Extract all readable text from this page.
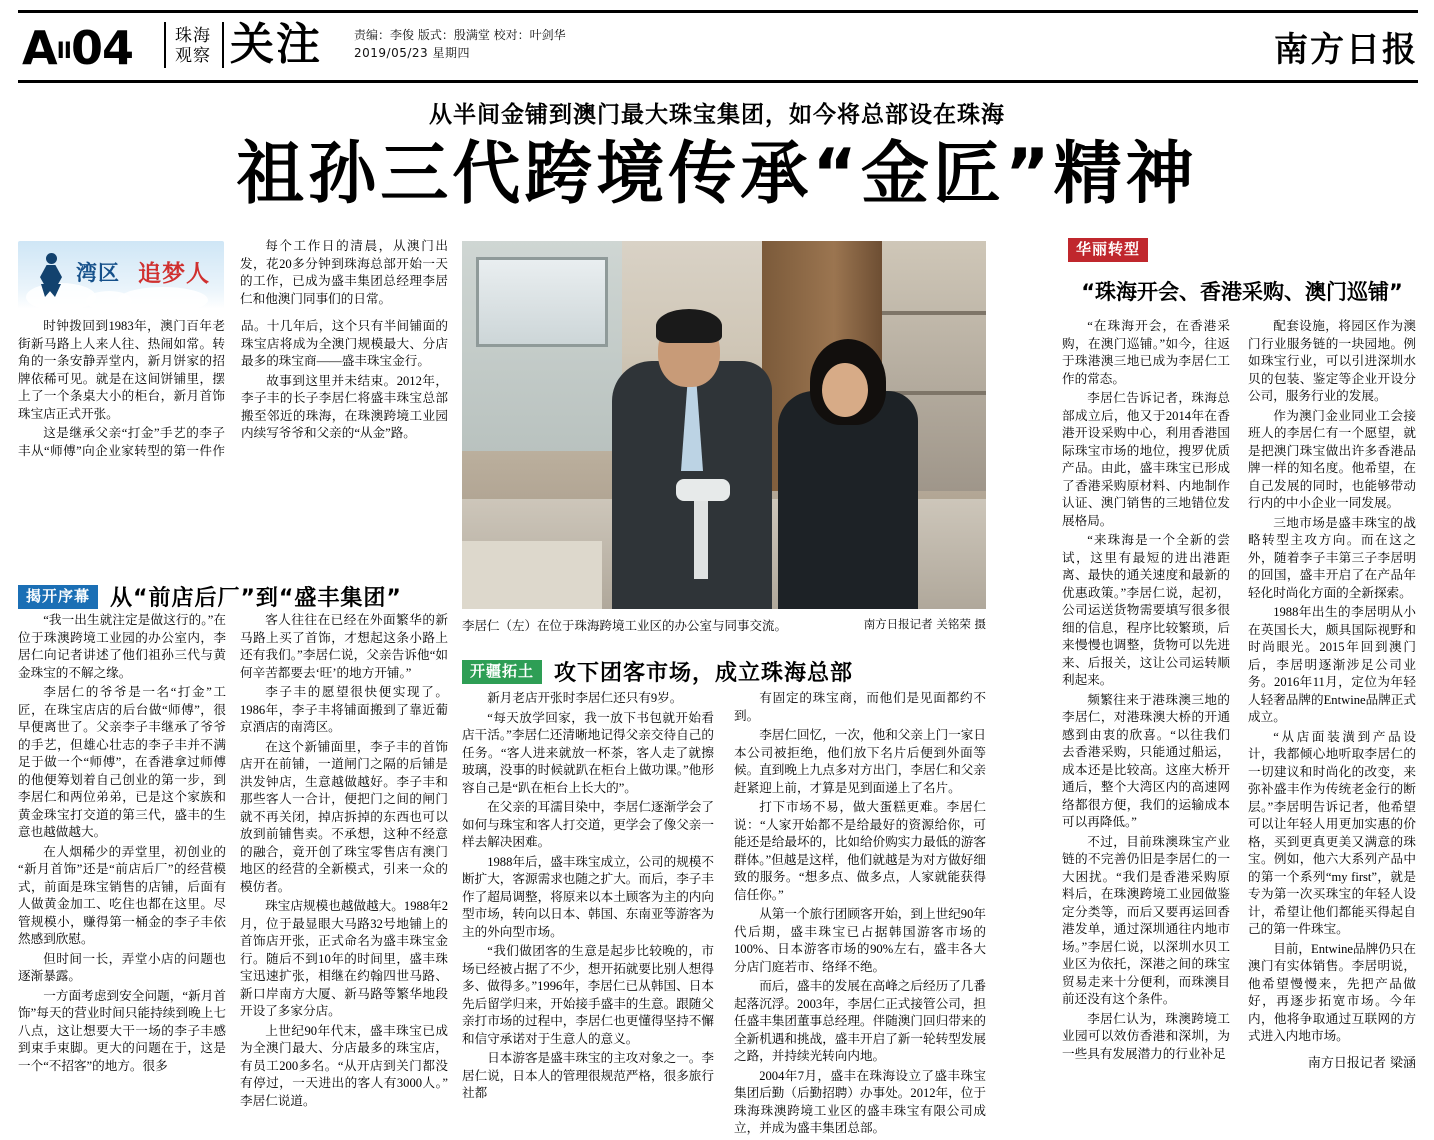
$A^{II}04$ 珠海
观察 关注	责编：李俊 版式：殷满堂 校对：叶剑华
2019/05/23 星期四	南方日报
从半间金铺到澳门最大珠宝集团，如今将总部设在珠海
祖孙三代跨境传承“金匠”精神
湾区 追梦人

每个工作日的清晨，从澳门出发，花20多分钟到珠海总部开始一天的工作，已成为盛丰集团总经理李居仁和他澳门同事们的日常。

时钟拨回到1983年，澳门百年老街新马路上人来人往、热闹如常。转角的一条安静弄堂内，新月饼家的招牌依稀可见。就是在这间饼铺里，摆上了一个条桌大小的柜台，新月首饰珠宝店正式开张。

这是继承父亲“打金”手艺的李子丰从“师傅”向企业家转型的第一件作品。十几年后，这个只有半间铺面的珠宝店将成为全澳门规模最大、分店最多的珠宝商——盛丰珠宝金行。

故事到这里并未结束。2012年，李子丰的长子李居仁将盛丰珠宝总部搬至邻近的珠海，在珠澳跨境工业园内续写爷爷和父亲的“从金”路。

揭开序幕 从“前店后厂”到“盛丰集团”

“我一出生就注定是做这行的。”在位于珠澳跨境工业园的办公室内，李居仁向记者讲述了他们祖孙三代与黄金珠宝的不解之缘。

李居仁的爷爷是一名“打金”工匠，在珠宝店店的后台做“师傅”，很早便离世了。父亲李子丰继承了爷爷的手艺，但雄心壮志的李子丰并不满足于做一个“师傅”，在香港拿过师傅的他便筹划着自己创业的第一步，到李居仁和两位弟弟，已是这个家族和黄金珠宝打交道的第三代，盛丰的生意也越做越大。

在人烟稀少的弄堂里，初创业的“新月首饰”还是“前店后厂”的经营模式，前面是珠宝销售的店铺，后面有人做黄金加工、吃住也都在这里。尽管规模小，赚得第一桶金的李子丰依然感到欣慰。

但时间一长，弄堂小店的问题也逐渐暴露。

一方面考虑到安全问题，“新月首饰”每天的营业时间只能持续到晚上七八点，这让想要大干一场的李子丰感到束手束脚。更大的问题在于，这是一个“不招客”的地方。很多

客人往往在已经在外面繁华的新马路上买了首饰，才想起这条小路上还有我们。”李居仁说，父亲告诉他“如何辛苦都要去‘旺’的地方开铺。”

李子丰的愿望很快便实现了。1986年，李子丰将铺面搬到了靠近葡京酒店的南湾区。

在这个新铺面里，李子丰的首饰店开在前铺，一道闸门之隔的后铺是洪发钟店，生意越做越好。李子丰和那些客人一合计，便把门之间的闸门就不再关闭，掉店拆掉的东西也可以放到前铺售卖。不承想，这种不经意的融合，竟开创了珠宝零售店有澳门地区的经营的全新模式，引来一众的模仿者。

珠宝店规模也越做越大。1988年2月，位于最显眼大马路32号地铺上的首饰店开张，正式命名为盛丰珠宝金行。随后不到10年的时间里，盛丰珠宝迅速扩张，相继在约翰四世马路、新口岸南方大厦、新马路等繁华地段开设了多家分店。

上世纪90年代末，盛丰珠宝已成为全澳门最大、分店最多的珠宝店，有员工200多名。“从开店到关门都没有停过，一天进出的客人有3000人。”李居仁说道。

南方日报记者 关铭荣 摄
李居仁（左）在位于珠海跨境工业区的办公室与同事交流。
开疆拓土 攻下团客市场，成立珠海总部

新月老店开张时李居仁还只有9岁。

“每天放学回家，我一放下书包就开始看店干活。”李居仁还清晰地记得父亲交待自己的任务。“客人进来就放一杯茶，客人走了就擦玻璃，没事的时候就趴在柜台上做功课。”他形容自己是“趴在柜台上长大的”。

在父亲的耳濡目染中，李居仁逐渐学会了如何与珠宝和客人打交道，更学会了像父亲一样去解决困难。

1988年后，盛丰珠宝成立，公司的规模不断扩大，客源需求也随之扩大。而后，李子丰作了超局调整，将原来以本土顾客为主的内向型市场，转向以日本、韩国、东南亚等游客为主的外向型市场。

“我们做团客的生意是起步比较晚的，市场已经被占据了不少，想开拓就要比别人想得多、做得多。”1996年，李居仁已从韩国、日本先后留学归来，开始接手盛丰的生意。跟随父亲打市场的过程中，李居仁也更懂得坚持不懈和信守承诺对于生意人的意义。

日本游客是盛丰珠宝的主攻对象之一。李居仁说，日本人的管理很规范严格，很多旅行社都

有固定的珠宝商，而他们是见面都约不到。

李居仁回忆，一次，他和父亲上门一家日本公司被拒绝，他们放下名片后便到外面等候。直到晚上九点多对方出门，李居仁和父亲赶紧迎上前，才算是见到面递上了名片。

打下市场不易，做大蛋糕更难。李居仁说：“人家开始都不是给最好的资源给你，可能还是给最坏的，比如给价购实力最低的游客群体。”但越是这样，他们就越是为对方做好细致的服务。“想多点、做多点，人家就能获得信任你。”

从第一个旅行团顾客开始，到上世纪90年代后期，盛丰珠宝已占据韩国游客市场的100%、日本游客市场的90%左右，盛丰各大分店门庭若市、络绎不绝。

而后，盛丰的发展在高峰之后经历了几番起落沉浮。2003年，李居仁正式接管公司，担任盛丰集团董事总经理。伴随澳门回归带来的全新机遇和挑战，盛丰开启了新一轮转型发展之路，并持续光转向内地。

2004年7月，盛丰在珠海设立了盛丰珠宝集团后勤（后勤招聘）办事处。2012年，位于珠海珠澳跨境工业区的盛丰珠宝有限公司成立，并成为盛丰集团总部。

华丽转型
“珠海开会、香港采购、澳门巡铺”

“在珠海开会，在香港采购，在澳门巡铺。”如今，往返于珠港澳三地已成为李居仁工作的常态。

李居仁告诉记者，珠海总部成立后，他又于2014年在香港开设采购中心，利用香港国际珠宝市场的地位，搜罗优质产品。由此，盛丰珠宝已形成了香港采购原材料、内地制作认证、澳门销售的三地错位发展格局。

“来珠海是一个全新的尝试，这里有最短的进出港距离、最快的通关速度和最新的优惠政策。”李居仁说，起初，公司运送货物需要填写很多很细的信息，程序比较繁琐，后来慢慢也调整，货物可以先进来、后报关，这让公司运转顺利起来。

频繁往来于港珠澳三地的李居仁，对港珠澳大桥的开通感到由衷的欣喜。“以往我们去香港采购，只能通过船运，成本还是比较高。这座大桥开通后，整个大湾区内的高速网络都很方便，我们的运输成本可以再降低。”

不过，目前珠澳珠宝产业链的不完善仍旧是李居仁的一大困扰。“我们是香港采购原料后，在珠澳跨境工业园做鉴定分类等，而后又要再运回香港发单，通过深圳通往内地市场。”李居仁说，以深圳水贝工业区为依托，深港之间的珠宝贸易走来十分便利，而珠澳目前还没有这个条件。

李居仁认为，珠澳跨境工业园可以效仿香港和深圳，为一些具有发展潜力的行业补足

配套设施，将园区作为澳门行业服务链的一块园地。例如珠宝行业，可以引进深圳水贝的包装、鉴定等企业开设分公司，服务行业的发展。

作为澳门金业同业工会接班人的李居仁有一个愿望，就是把澳门珠宝做出许多香港品牌一样的知名度。他希望，在自己发展的同时，也能够带动行内的中小企业一同发展。

三地市场是盛丰珠宝的战略转型主攻方向。而在这之外，随着李子丰第三子李居明的回国，盛丰开启了在产品年轻化时尚化方面的全新探索。

1988年出生的李居明从小在英国长大，颇具国际视野和时尚眼光。2015年回到澳门后，李居明逐渐涉足公司业务。2016年11月，定位为年轻人轻奢品牌的Entwine品牌正式成立。

“从店面装潢到产品设计，我都倾心地听取李居仁的一切建议和时尚化的改变，来弥补盛丰作为传统老金行的断层。”李居明告诉记者，他希望可以让年轻人用更加实惠的价格，买到更真更美又满意的珠宝。例如，他六大系列产品中的第一个系列“my first”，就是专为第一次买珠宝的年轻人设计，希望让他们都能买得起自己的第一件珠宝。

目前，Entwine品牌仍只在澳门有实体销售。李居明说，他希望慢慢来，先把产品做好，再逐步拓宽市场。今年内，他将争取通过互联网的方式进入内地市场。

南方日报记者 梁涵
